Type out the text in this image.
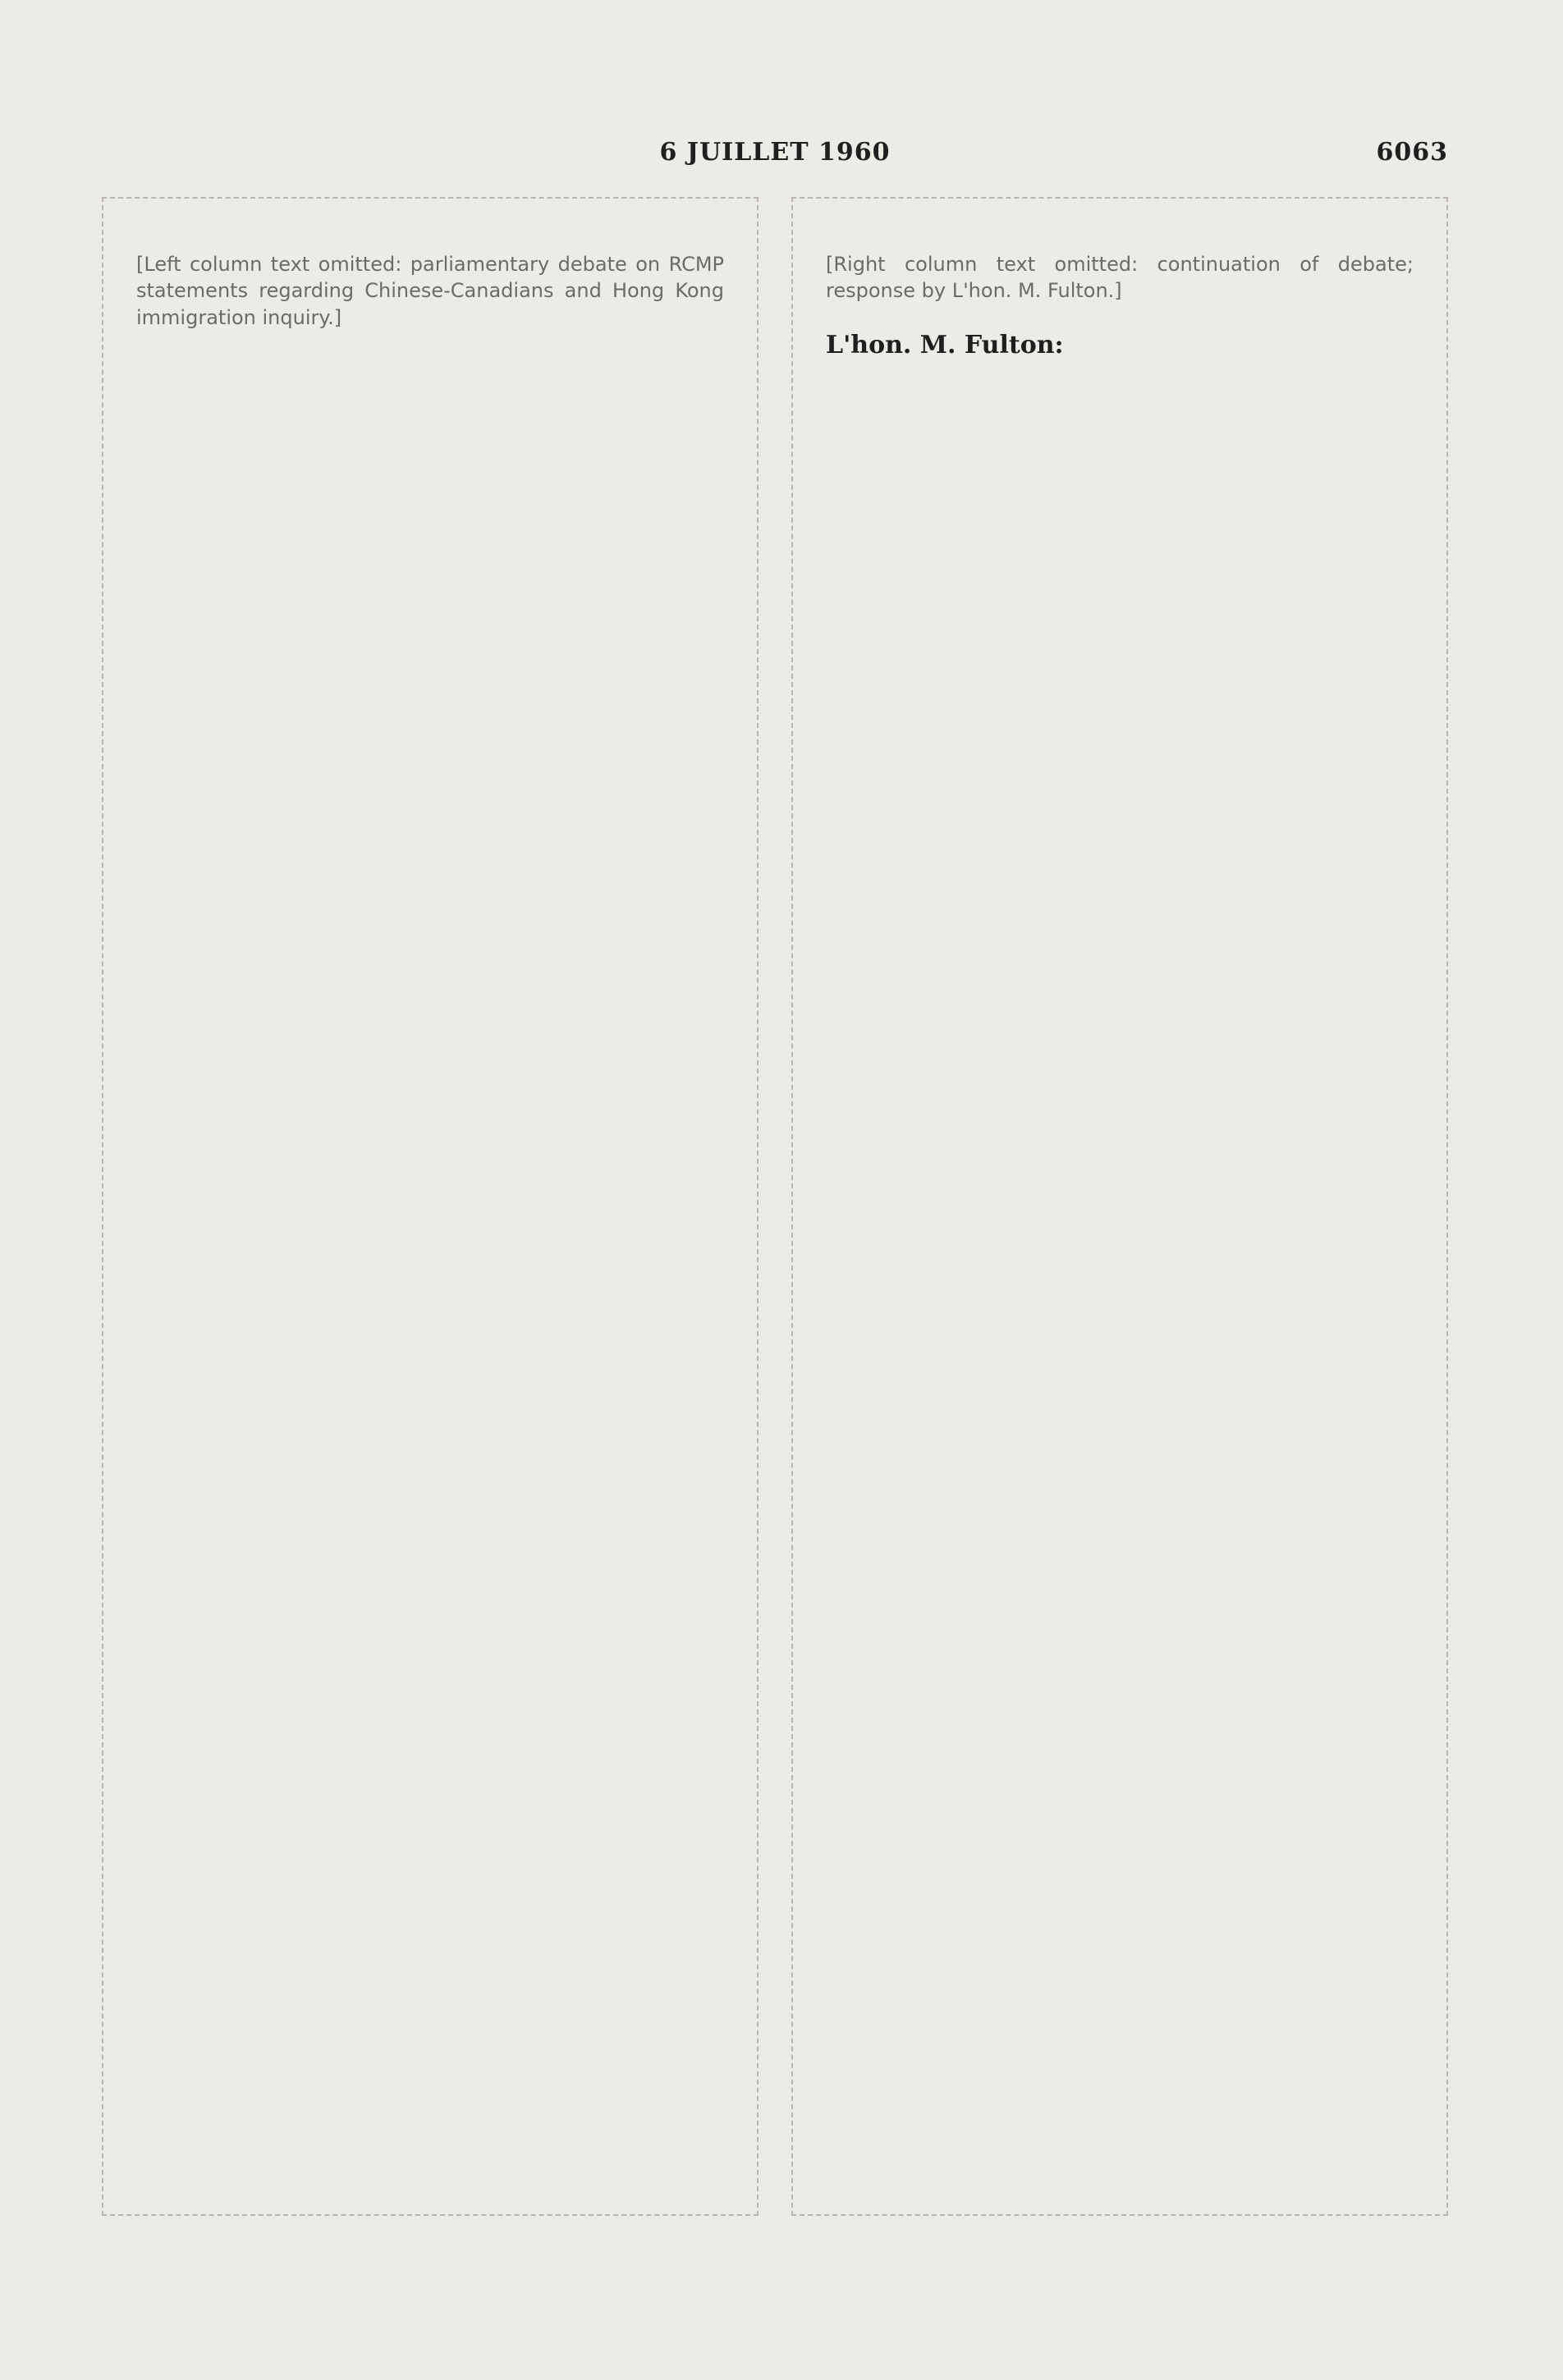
6 JUILLET 1960	6063

[Left column text omitted: parliamentary debate on RCMP statements regarding Chinese-Canadians and Hong Kong immigration inquiry.]

[Right column text omitted: continuation of debate; response by L'hon. M. Fulton.]

L'hon. M. Fulton:
